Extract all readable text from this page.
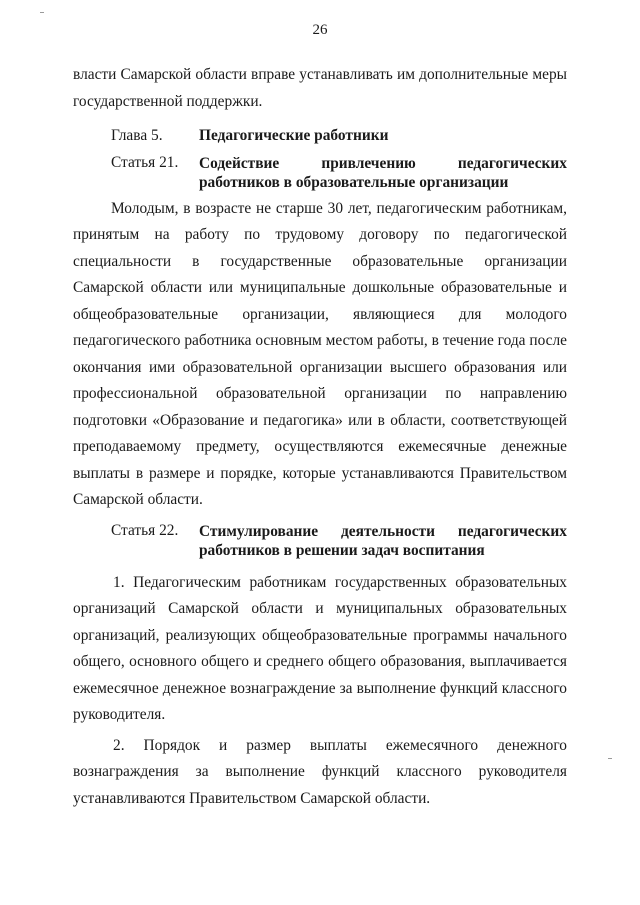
26

власти Самарской области вправе устанавливать им дополнительные меры государственной поддержки.

Глава 5.	Педагогические работники
Статья 21.	Содействие привлечению педагогических работников в образовательные организации

Молодым, в возрасте не старше 30 лет, педагогическим работникам, принятым на работу по трудовому договору по педагогической специальности в государственные образовательные организации Самарской области или муниципальные дошкольные образовательные и общеобразовательные организации, являющиеся для молодого педагогического работника основным местом работы, в течение года после окончания ими образовательной организации высшего образования или профессиональной образовательной организации по направлению подготовки «Образование и педагогика» или в области, соответствующей преподаваемому предмету, осуществляются ежемесячные денежные выплаты в размере и порядке, которые устанавливаются Правительством Самарской области.

Статья 22.	Стимулирование деятельности педагогических работников в решении задач воспитания

1. Педагогическим работникам государственных образовательных организаций Самарской области и муниципальных образовательных организаций, реализующих общеобразовательные программы начального общего, основного общего и среднего общего образования, выплачивается ежемесячное денежное вознаграждение за выполнение функций классного руководителя.

2. Порядок и размер выплаты ежемесячного денежного вознаграждения за выполнение функций классного руководителя устанавливаются Правительством Самарской области.
